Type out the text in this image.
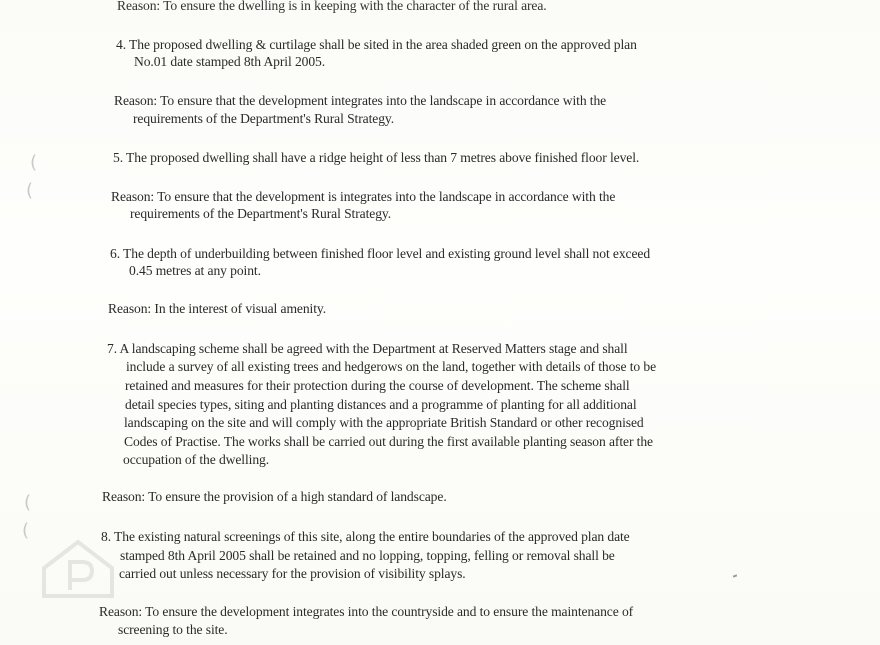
Reason: To ensure the dwelling is in keeping with the character of the rural area.
4. The proposed dwelling & curtilage shall be sited in the area shaded green on the approved plan
No.01 date stamped 8th April 2005.
Reason: To ensure that the development integrates into the landscape in accordance with the
requirements of the Department's Rural Strategy.
5. The proposed dwelling shall have a ridge height of less than 7 metres above finished floor level.
Reason: To ensure that the development is integrates into the landscape in accordance with the
requirements of the Department's Rural Strategy.
6. The depth of underbuilding between finished floor level and existing ground level shall not exceed
0.45 metres at any point.
Reason: In the interest of visual amenity.
7. A landscaping scheme shall be agreed with the Department at Reserved Matters stage and shall
include a survey of all existing trees and hedgerows on the land, together with details of those to be
retained and measures for their protection during the course of development. The scheme shall
detail species types, siting and planting distances and a programme of planting for all additional
landscaping on the site and will comply with the appropriate British Standard or other recognised
Codes of Practise. The works shall be carried out during the first available planting season after the
occupation of the dwelling.
Reason: To ensure the provision of a high standard of landscape.
8. The existing natural screenings of this site, along the entire boundaries of the approved plan date
stamped 8th April 2005 shall be retained and no lopping, topping, felling or removal shall be
carried out unless necessary for the provision of visibility splays.
Reason: To ensure the development integrates into the countryside and to ensure the maintenance of
screening to the site.
(
(
(
(
